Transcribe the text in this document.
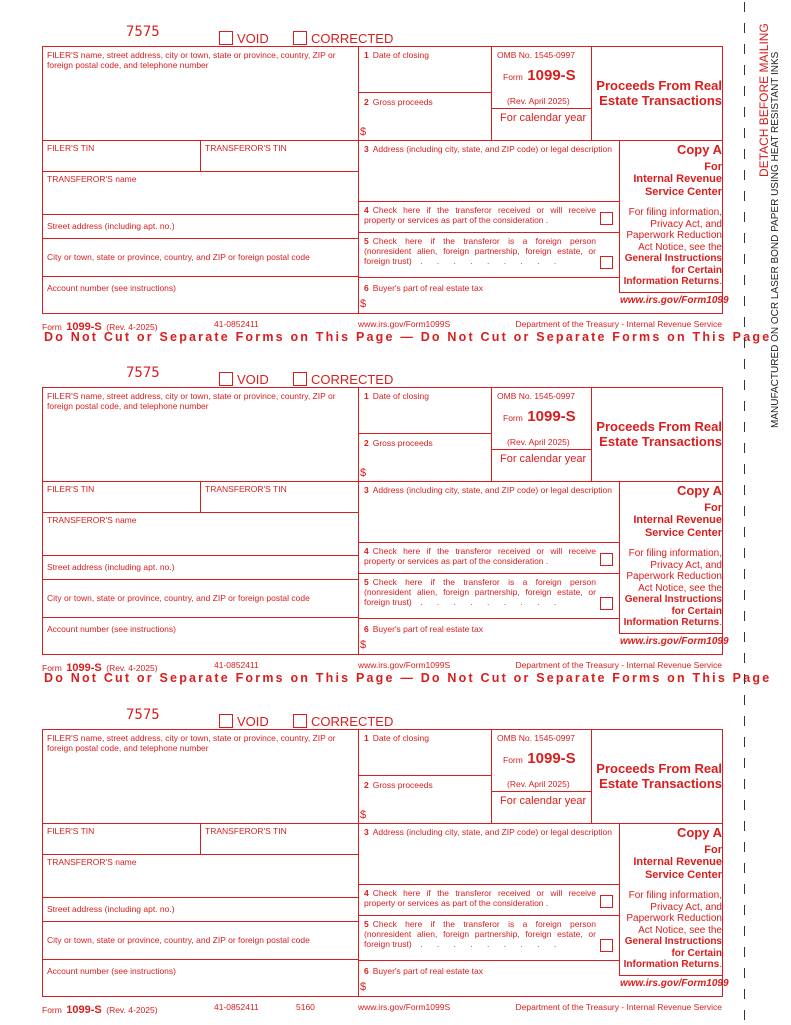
7575	VOID	CORRECTED
FILER'S name, street address, city or town, state or province, country, ZIP or foreign postal code, and telephone number
1 Date of closing	OMB No. 1545-0997
Form 1099-S
(Rev. April 2025)
For calendar year
Proceeds From Real Estate Transactions
2 Gross proceeds
$
FILER'S TIN	TRANSFEROR'S TIN	3 Address (including city, state, and ZIP code) or legal description	Copy A
For
Internal Revenue Service Center
TRANSFEROR'S name
4 Check here if the transferor received or will receive property or services as part of the consideration .
Street address (including apt. no.)
5 Check here if the transferor is a foreign person (nonresident alien, foreign partnership, foreign estate, or foreign trust) . . . . . . . . .
For filing information, Privacy Act, and Paperwork Reduction Act Notice, see the General Instructions for Certain Information Returns.
City or town, state or province, country, and ZIP or foreign postal code
Account number (see instructions)	6 Buyer's part of real estate tax
$	www.irs.gov/Form1099
Form 1099-S (Rev. 4-2025)	41-0852411	www.irs.gov/Form1099S	Department of the Treasury - Internal Revenue Service
Do Not Cut or Separate Forms on This Page — Do Not Cut or Separate Forms on This Page
7575	VOID	CORRECTED
FILER'S name, street address, city or town, state or province, country, ZIP or foreign postal code, and telephone number
1 Date of closing	OMB No. 1545-0997
Form 1099-S
(Rev. April 2025)
For calendar year
Proceeds From Real Estate Transactions
2 Gross proceeds
$
FILER'S TIN	TRANSFEROR'S TIN	3 Address (including city, state, and ZIP code) or legal description	Copy A
For
Internal Revenue Service Center
TRANSFEROR'S name
4 Check here if the transferor received or will receive property or services as part of the consideration .
Street address (including apt. no.)
5 Check here if the transferor is a foreign person (nonresident alien, foreign partnership, foreign estate, or foreign trust) . . . . . . . . .
For filing information, Privacy Act, and Paperwork Reduction Act Notice, see the General Instructions for Certain Information Returns.
City or town, state or province, country, and ZIP or foreign postal code
Account number (see instructions)	6 Buyer's part of real estate tax
$	www.irs.gov/Form1099
Form 1099-S (Rev. 4-2025)	41-0852411	www.irs.gov/Form1099S	Department of the Treasury - Internal Revenue Service
Do Not Cut or Separate Forms on This Page — Do Not Cut or Separate Forms on This Page
7575	VOID	CORRECTED
FILER'S name, street address, city or town, state or province, country, ZIP or foreign postal code, and telephone number
1 Date of closing	OMB No. 1545-0997
Form 1099-S
(Rev. April 2025)
For calendar year
Proceeds From Real Estate Transactions
2 Gross proceeds
$
FILER'S TIN	TRANSFEROR'S TIN	3 Address (including city, state, and ZIP code) or legal description	Copy A
For
Internal Revenue Service Center
TRANSFEROR'S name
4 Check here if the transferor received or will receive property or services as part of the consideration .
Street address (including apt. no.)
5 Check here if the transferor is a foreign person (nonresident alien, foreign partnership, foreign estate, or foreign trust) . . . . . . . . .
For filing information, Privacy Act, and Paperwork Reduction Act Notice, see the General Instructions for Certain Information Returns.
City or town, state or province, country, and ZIP or foreign postal code
Account number (see instructions)	6 Buyer's part of real estate tax
$	www.irs.gov/Form1099
Form 1099-S (Rev. 4-2025)	41-0852411	5160	www.irs.gov/Form1099S	Department of the Treasury - Internal Revenue Service
DETACH BEFORE MAILING MANUFACTURED ON OCR LASER BOND PAPER USING HEAT RESISTANT INKS
